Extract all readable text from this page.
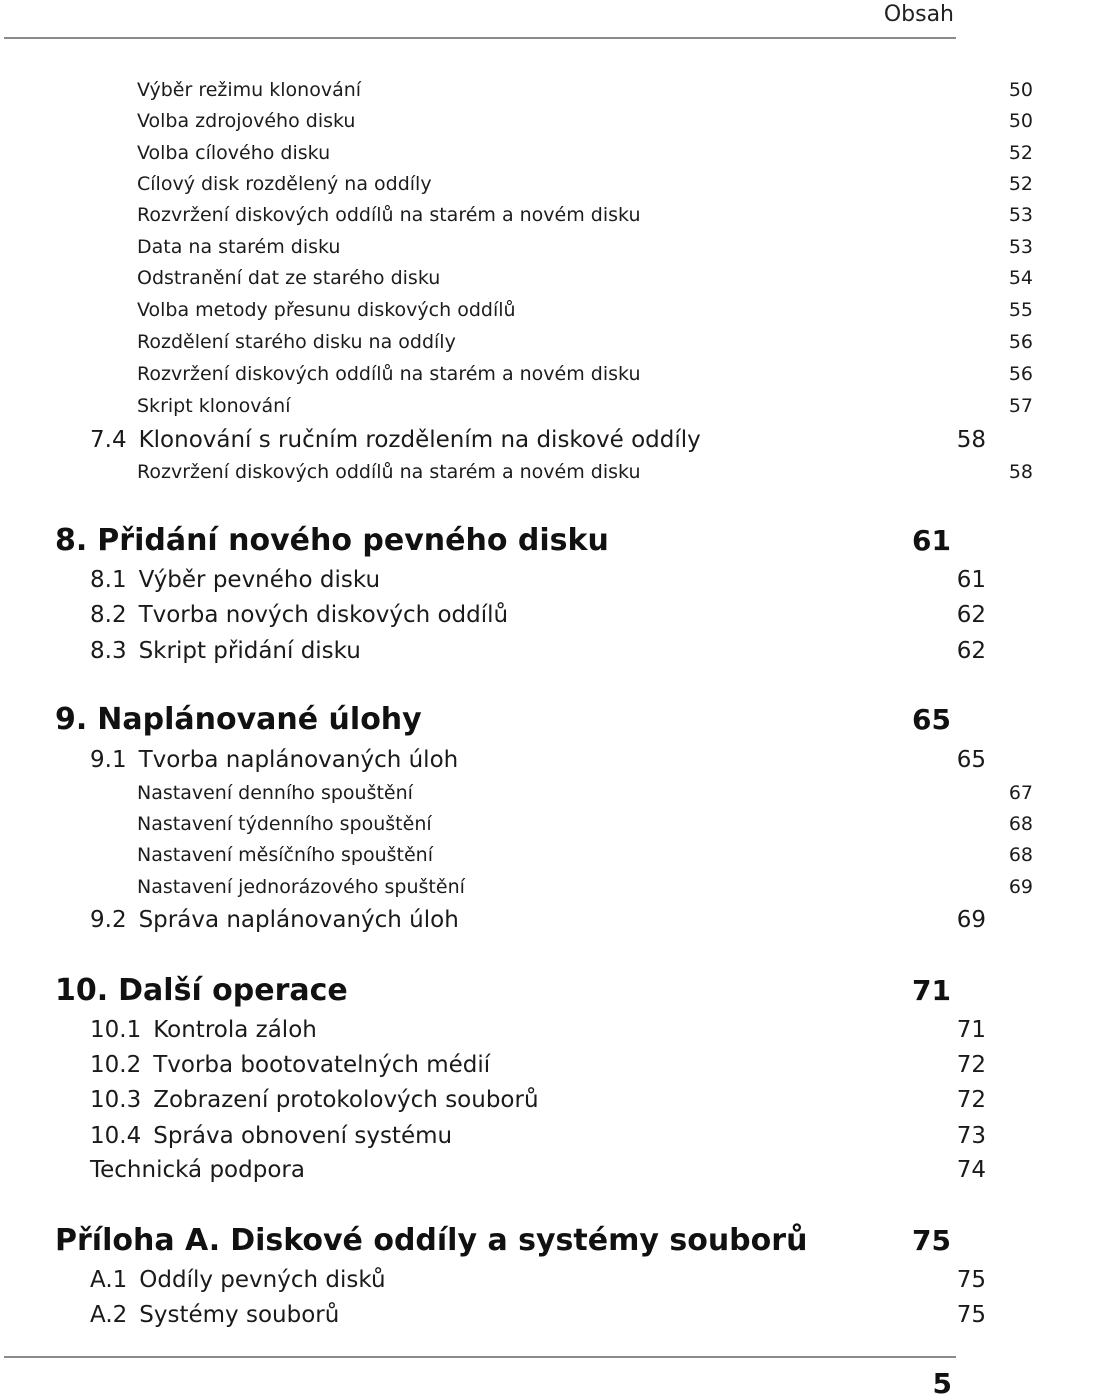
Obsah
Výběr režimu klonování	50
Volba zdrojového disku	50
Volba cílového disku	52
Cílový disk rozdělený na oddíly	52
Rozvržení diskových oddílů na starém a novém disku	53
Data na starém disku	53
Odstranění dat ze starého disku	54
Volba metody přesunu diskových oddílů	55
Rozdělení starého disku na oddíly	56
Rozvržení diskových oddílů na starém a novém disku	56
Skript klonování	57
7.4 Klonování s ručním rozdělením na diskové oddíly	58
Rozvržení diskových oddílů na starém a novém disku	58
8. Přidání nového pevného disku	61
8.1 Výběr pevného disku	61
8.2 Tvorba nových diskových oddílů	62
8.3 Skript přidání disku	62
9. Naplánované úlohy	65
9.1 Tvorba naplánovaných úloh	65
Nastavení denního spouštění	67
Nastavení týdenního spouštění	68
Nastavení měsíčního spouštění	68
Nastavení jednorázového spuštění	69
9.2 Správa naplánovaných úloh	69
10. Další operace	71
10.1 Kontrola záloh	71
10.2 Tvorba bootovatelných médií	72
10.3 Zobrazení protokolových souborů	72
10.4 Správa obnovení systému	73
Technická podpora	74
Příloha A. Diskové oddíly a systémy souborů	75
A.1 Oddíly pevných disků	75
A.2 Systémy souborů	75
5
